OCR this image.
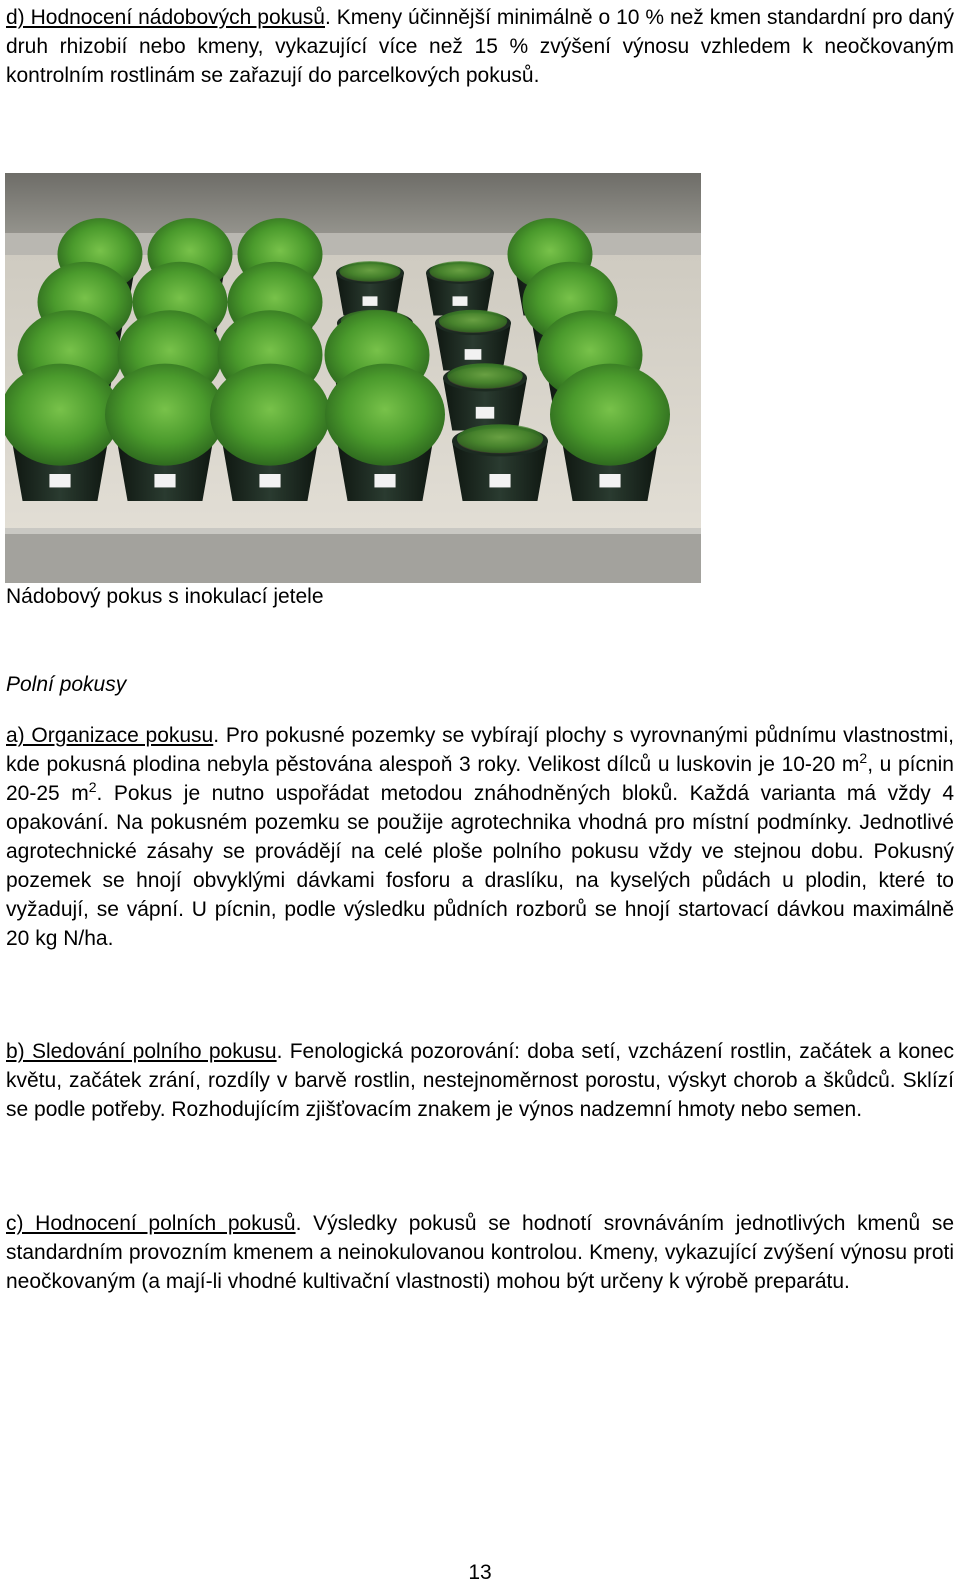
d) Hodnocení nádobových pokusů. Kmeny účinnější minimálně o 10 % než kmen standardní pro daný druh rhizobií nebo kmeny, vykazující více než 15 % zvýšení výnosu vzhledem k neočkovaným kontrolním rostlinám se zařazují do parcelkových pokusů.

Nádobový pokus s inokulací jetele

Polní pokusy

a) Organizace pokusu. Pro pokusné pozemky se vybírají plochy s vyrovnanými půdnímu vlastnostmi, kde pokusná plodina nebyla pěstována alespoň 3 roky. Velikost dílců u luskovin je 10-20 $m^2$, u pícnin 20-25 $m^2$. Pokus je nutno uspořádat metodou znáhodněných bloků. Každá varianta má vždy 4 opakování. Na pokusném pozemku se použije agrotechnika vhodná pro místní podmínky. Jednotlivé agrotechnické zásahy se provádějí na celé ploše polního pokusu vždy ve stejnou dobu. Pokusný pozemek se hnojí obvyklými dávkami fosforu a draslíku, na kyselých půdách u plodin, které to vyžadují, se vápní. U pícnin, podle výsledku půdních rozborů se hnojí startovací dávkou maximálně 20 kg N/ha.

b) Sledování polního pokusu. Fenologická pozorování: doba setí, vzcházení rostlin, začátek a konec květu, začátek zrání, rozdíly v barvě rostlin, nestejnoměrnost porostu, výskyt chorob a škůdců. Sklízí se podle potřeby. Rozhodujícím zjišťovacím znakem je výnos nadzemní hmoty nebo semen.

c) Hodnocení polních pokusů. Výsledky pokusů se hodnotí srovnáváním jednotlivých kmenů se standardním provozním kmenem a neinokulovanou kontrolou. Kmeny, vykazující zvýšení výnosu proti neočkovaným (a mají-li vhodné kultivační vlastnosti) mohou být určeny k výrobě preparátu.

13
